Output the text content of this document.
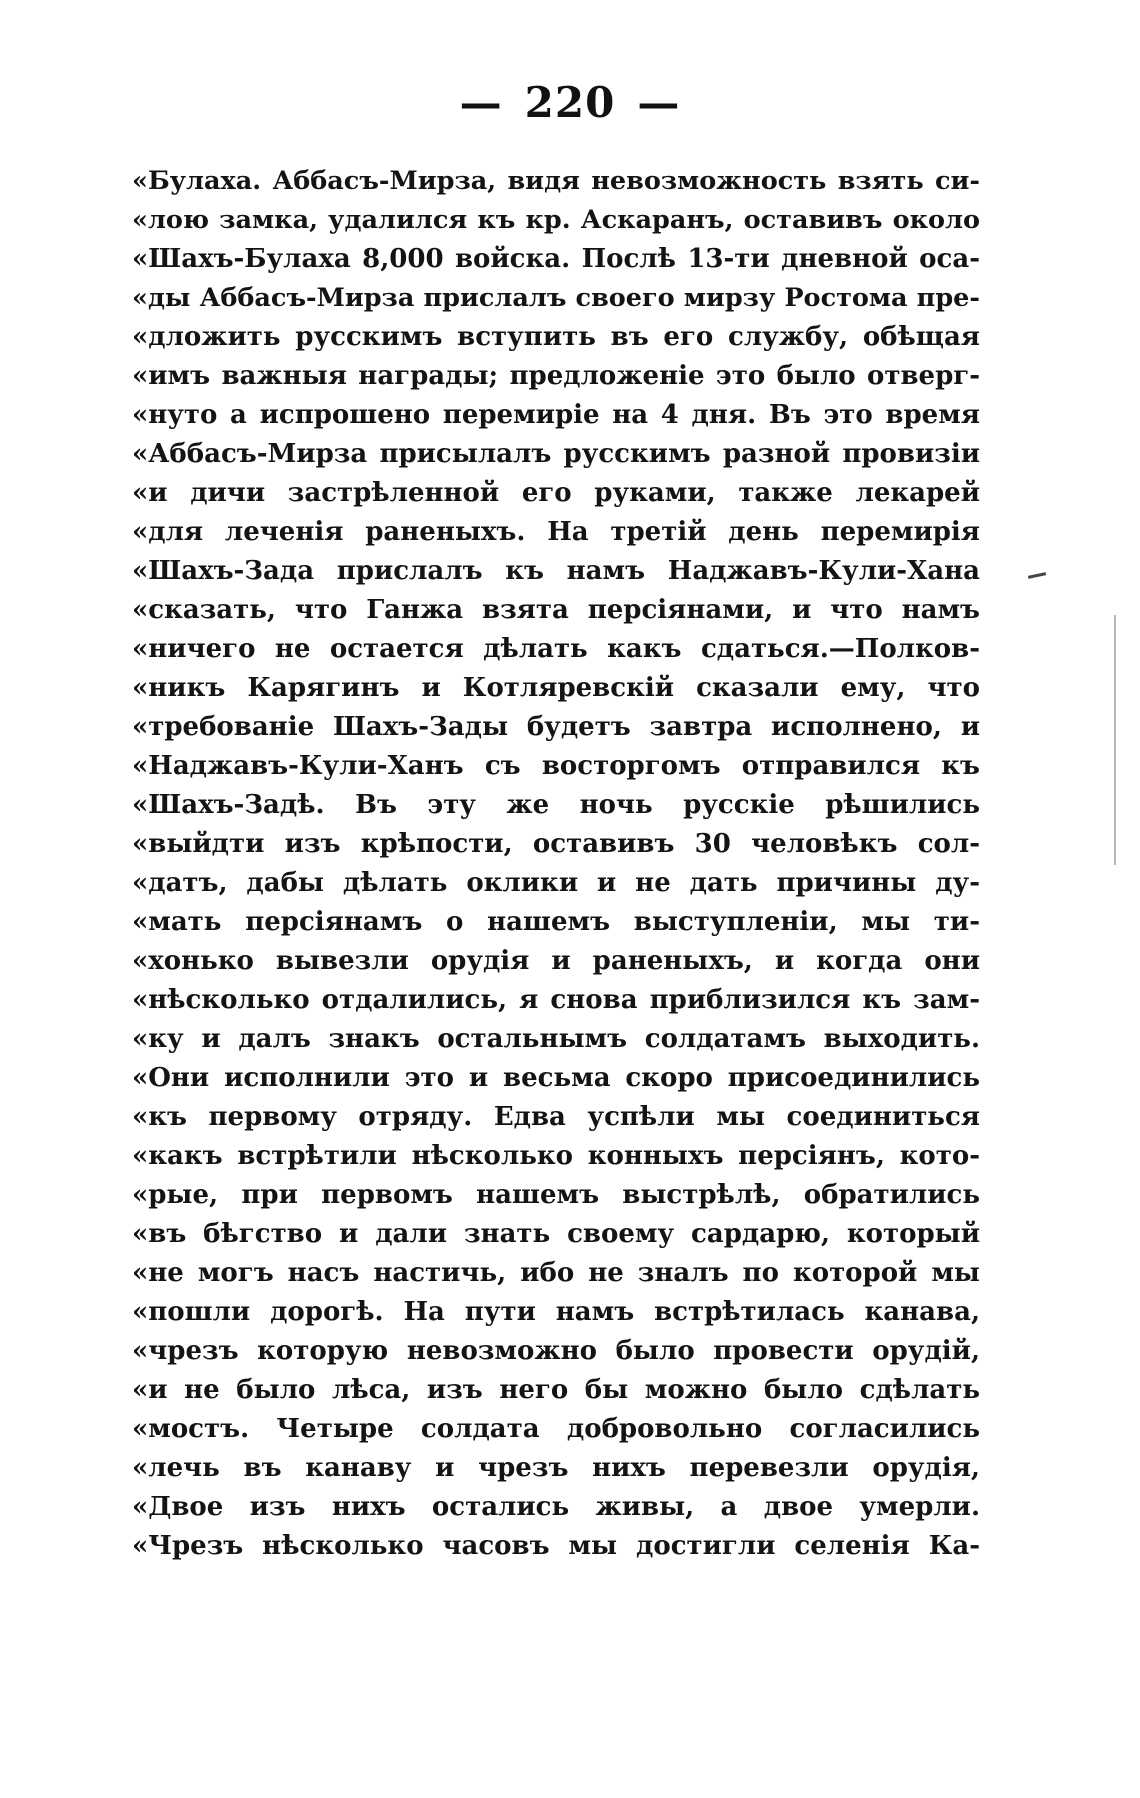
— 220 —
«Булаха. Аббасъ-Мирза, видя невозможность взять си-
«лою замка, удалился къ кр. Аскаранъ, оставивъ около
«Шахъ-Булаха 8,000 войска. Послѣ 13-ти дневной оса-
«ды Аббасъ-Мирза прислалъ своего мирзу Ростома пре-
«дложить русскимъ вступить въ его службу, обѣщая
«имъ важныя награды; предложеніе это было отверг-
«нуто а испрошено перемиріе на 4 дня. Въ это время
«Аббасъ-Мирза присылалъ русскимъ разной провизіи
«и дичи застрѣленной его руками, также лекарей
«для леченія раненыхъ. На третій день перемирія
«Шахъ-Зада прислалъ къ намъ Наджавъ-Кули-Хана
«сказать, что Ганжа взята персіянами, и что намъ
«ничего не остается дѣлать какъ сдаться.—Полков-
«никъ Карягинъ и Котляревскій сказали ему, что
«требованіе Шахъ-Зады будетъ завтра исполнено, и
«Наджавъ-Кули-Ханъ съ восторгомъ отправился къ
«Шахъ-Задѣ. Въ эту же ночь русскіе рѣшились
«выйдти изъ крѣпости, оставивъ 30 человѣкъ сол-
«датъ, дабы дѣлать оклики и не дать причины ду-
«мать персіянамъ о нашемъ выступленіи, мы ти-
«хонько вывезли орудія и раненыхъ, и когда они
«нѣсколько отдалились, я снова приблизился къ зам-
«ку и далъ знакъ остальнымъ солдатамъ выходить.
«Они исполнили это и весьма скоро присоединились
«къ первому отряду. Едва успѣли мы соединиться
«какъ встрѣтили нѣсколько конныхъ персіянъ, кото-
«рые, при первомъ нашемъ выстрѣлѣ, обратились
«въ бѣгство и дали знать своему сардарю, который
«не могъ насъ настичь, ибо не зналъ по которой мы
«пошли дорогѣ. На пути намъ встрѣтилась канава,
«чрезъ которую невозможно было провести орудій,
«и не было лѣса, изъ него бы можно было сдѣлать
«мостъ. Четыре солдата добровольно согласились
«лечь въ канаву и чрезъ нихъ перевезли орудія,
«Двое изъ нихъ остались живы, а двое умерли.
«Чрезъ нѣсколько часовъ мы достигли селенія Ка-
